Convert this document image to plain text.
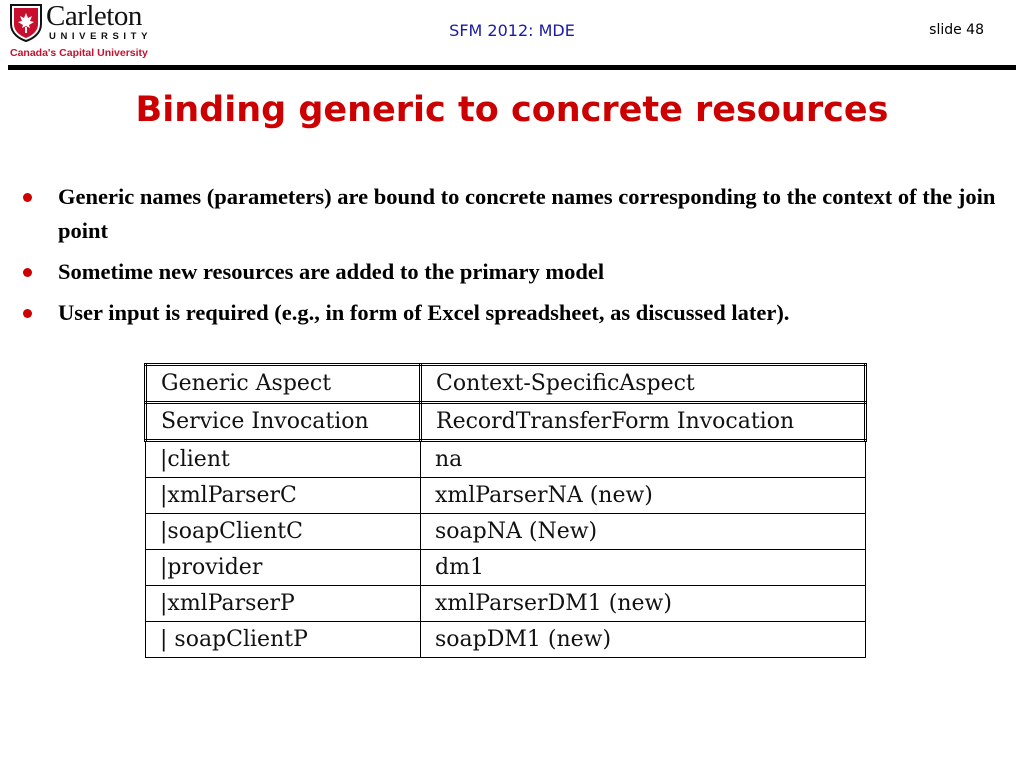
Carleton
UNIVERSITY
Canada's Capital University
SFM 2012: MDE	slide 48
Binding generic to concrete resources
Generic names (parameters) are bound to concrete names corresponding to the context of the join point
Sometime new resources are added to the primary model
User input is required (e.g., in form of Excel spreadsheet, as discussed later).
Generic Aspect	Context-SpecificAspect
Service Invocation	RecordTransferForm Invocation
|client	na
|xmlParserC	xmlParserNA (new)
|soapClientC	soapNA (New)
|provider	dm1
|xmlParserP	xmlParserDM1 (new)
| soapClientP	soapDM1 (new)
